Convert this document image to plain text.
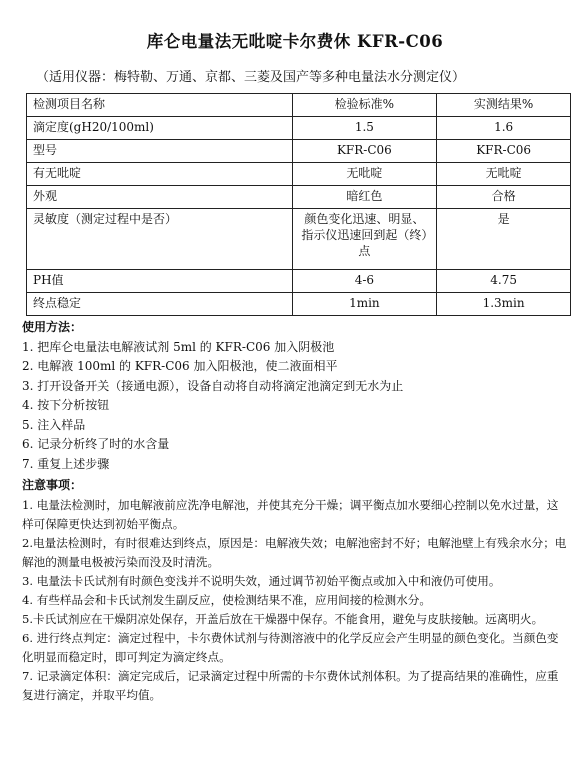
库仑电量法无吡啶卡尔费休 KFR-C06
（适用仪器：梅特勒、万通、京都、三菱及国产等多种电量法水分测定仪）
检测项目名称	检验标准%	实测结果%
滴定度(gH20/100ml)	1.5	1.6
型号	KFR-C06	KFR-C06
有无吡啶	无吡啶	无吡啶
外观	暗红色	合格
灵敏度（测定过程中是否）	颜色变化迅速、明显、指示仪迅速回到起（终）点	是
PH值	4-6	4.75
终点稳定	1min	1.3min
使用方法：
1. 把库仑电量法电解液试剂 5ml 的 KFR-C06 加入阴极池
2. 电解液 100ml 的 KFR-C06 加入阳极池，使二液面相平
3. 打开设备开关（接通电源），设备自动将自动将滴定池滴定到无水为止
4. 按下分析按钮
5. 注入样品
6. 记录分析终了时的水含量
7. 重复上述步骤
注意事项：

1. 电量法检测时，加电解液前应洗净电解池，并使其充分干燥；调平衡点加水要细心控制以免水过量，这样可保障更快达到初始平衡点。

2.电量法检测时，有时很难达到终点，原因是：电解液失效；电解池密封不好；电解池壁上有残余水分；电解池的测量电极被污染而没及时清洗。

3. 电量法卡氏试剂有时颜色变浅并不说明失效，通过调节初始平衡点或加入中和液仍可使用。

4. 有些样品会和卡氏试剂发生副反应，使检测结果不准，应用间接的检测水分。

5.卡氏试剂应在干燥阴凉处保存，开盖后放在干燥器中保存。不能食用，避免与皮肤接触。远离明火。

6. 进行终点判定：滴定过程中，卡尔费休试剂与待测溶液中的化学反应会产生明显的颜色变化。当颜色变化明显而稳定时，即可判定为滴定终点。

7. 记录滴定体积：滴定完成后，记录滴定过程中所需的卡尔费休试剂体积。为了提高结果的准确性，应重复进行滴定，并取平均值。
